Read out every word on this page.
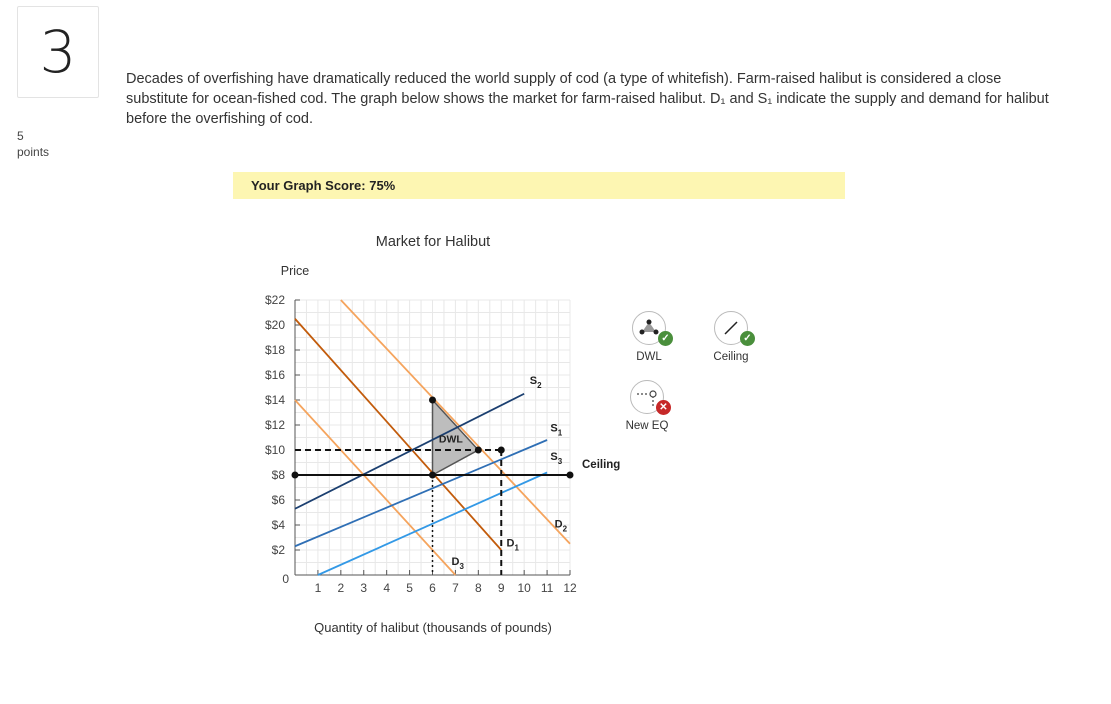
3
5
points
Decades of overfishing have dramatically reduced the world supply of cod (a type of whitefish). Farm-raised halibut is considered a close substitute for ocean-fished cod. The graph below shows the market for farm-raised halibut. D₁ and S₁ indicate the supply and demand for halibut before the overfishing of cod.
Your Graph Score: 75%
1 2 3 4 5 6 7 8 9 10 11 12
$2
$4
$6
$8
$10
$12
$14
$16
$18
$20
$22
0
Market for Halibut
Price
Quantity of halibut (thousands of pounds)
$D_1$
$D_2$
$D_3$
$S_1$
$S_2$
$S_3$ Ceiling
DWL
✓
DWL
✓
Ceiling
✕
New EQ
